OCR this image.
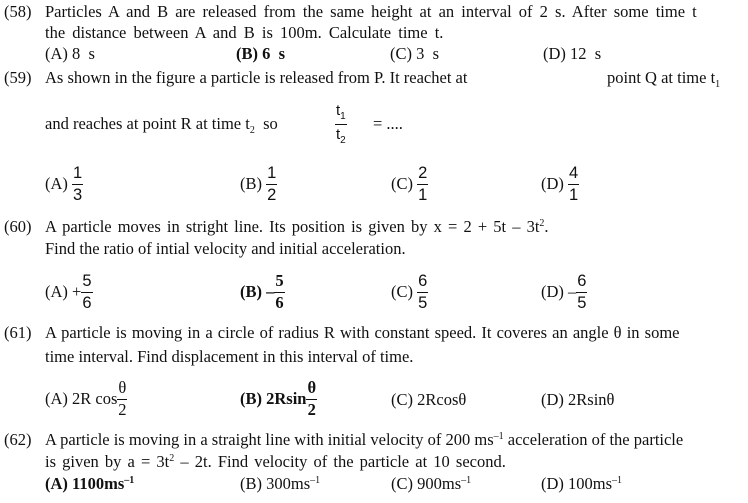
(58) Particles A and B are released from the same height at an interval of 2 s. After some time t
the distance between A and B is 100m. Calculate time t.
(A) 8  s	(B) 6  s	(C) 3  s	(D) 12  s
(59) As shown in the figure a particle is released from P. It reachet at	point Q at time $t_1$
and reaches at point R at time $t_2$ so	$\frac{t_1}{t_2}$ = ....
$(A) \frac{1}{3}$	$(B) \frac{1}{2}$	$(C) \frac{2}{1}$	$(D) \frac{4}{1}$
(60) A particle moves in stright line. Its position is given by $x = 2 + 5t - 3t^2$.
Find the ratio of intial velocity and initial acceleration.
$(A) + \frac{5}{6}$	$(B) - \frac{5}{6}$	$(C) \frac{6}{5}$	$(D) - \frac{6}{5}$
(61) A particle is moving in a circle of radius R with constant speed. It coveres an angle θ in some
time interval. Find displacement in this interval of time.
(A) 2R $\cos \frac{\theta}{2}$	(B) $2Rsin \frac{\theta}{2}$	(C) 2Rcosθ	(D) 2Rsinθ
(62) A particle is moving in a straight line with initial velocity of 200 $ms^{-1}$ acceleration of the particle
is given by $a = 3t^2 - 2t$. Find velocity of the particle at 10 second.
(A) $1100ms^{-1}$	(B) $300ms^{-1}$	(C) $900ms^{-1}$	(D) $100ms^{-1}$
